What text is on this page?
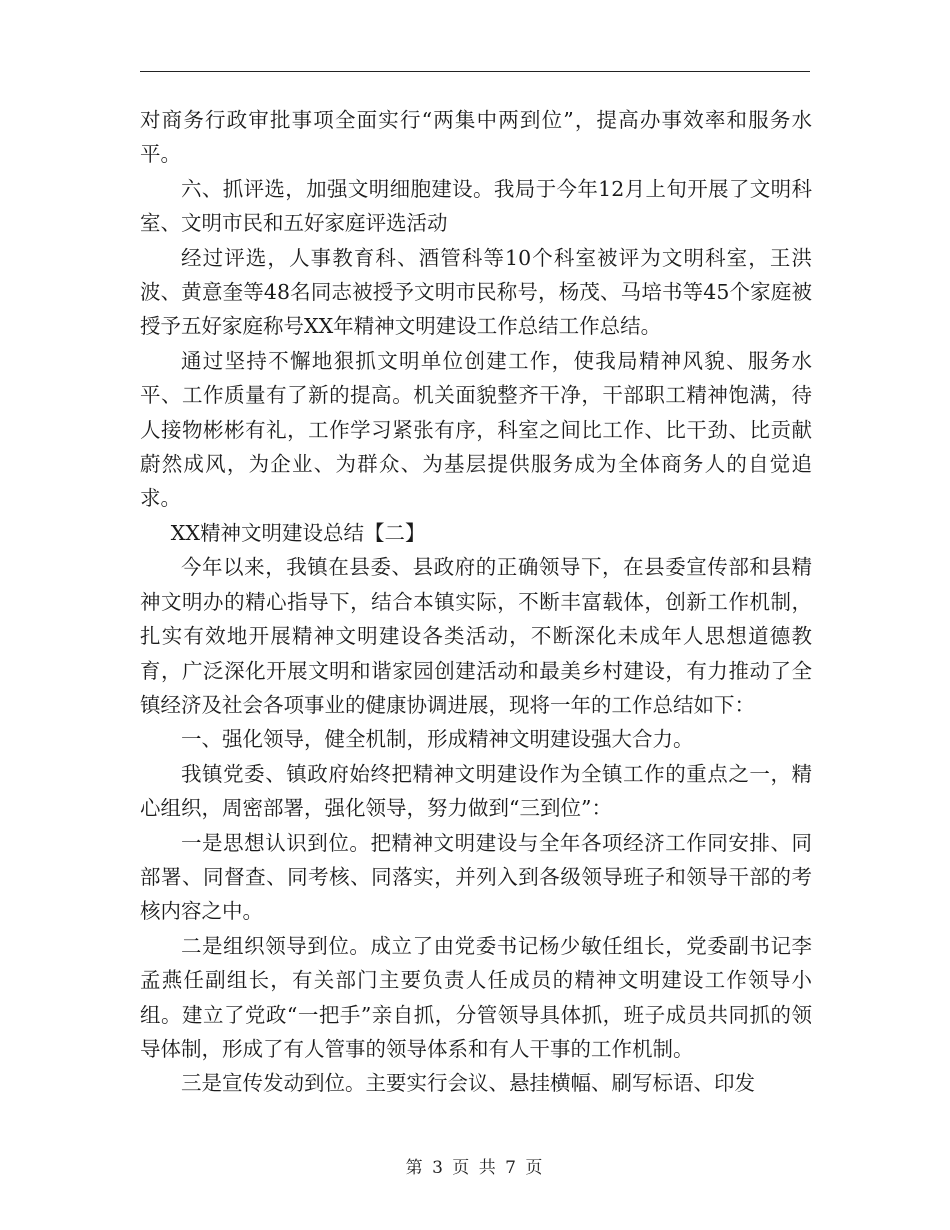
对商务行政审批事项全面实行“两集中两到位”，提高办事效率和服务水平。

六、抓评选，加强文明细胞建设。我局于今年12月上旬开展了文明科室、文明市民和五好家庭评选活动

经过评选，人事教育科、酒管科等10个科室被评为文明科室，王洪波、黄意奎等48名同志被授予文明市民称号，杨茂、马培书等45个家庭被授予五好家庭称号XX年精神文明建设工作总结工作总结。

通过坚持不懈地狠抓文明单位创建工作，使我局精神风貌、服务水平、工作质量有了新的提高。机关面貌整齐干净，干部职工精神饱满，待人接物彬彬有礼，工作学习紧张有序，科室之间比工作、比干劲、比贡献蔚然成风，为企业、为群众、为基层提供服务成为全体商务人的自觉追求。

XX精神文明建设总结【二】

今年以来，我镇在县委、县政府的正确领导下，在县委宣传部和县精神文明办的精心指导下，结合本镇实际，不断丰富载体，创新工作机制，扎实有效地开展精神文明建设各类活动，不断深化未成年人思想道德教育，广泛深化开展文明和谐家园创建活动和最美乡村建设，有力推动了全镇经济及社会各项事业的健康协调进展，现将一年的工作总结如下：

一、强化领导，健全机制，形成精神文明建设强大合力。

我镇党委、镇政府始终把精神文明建设作为全镇工作的重点之一，精心组织，周密部署，强化领导，努力做到“三到位”：

一是思想认识到位。把精神文明建设与全年各项经济工作同安排、同部署、同督查、同考核、同落实，并列入到各级领导班子和领导干部的考核内容之中。

二是组织领导到位。成立了由党委书记杨少敏任组长，党委副书记李孟燕任副组长，有关部门主要负责人任成员的精神文明建设工作领导小组。建立了党政“一把手”亲自抓，分管领导具体抓，班子成员共同抓的领导体制，形成了有人管事的领导体系和有人干事的工作机制。

三是宣传发动到位。主要实行会议、悬挂横幅、刷写标语、印发

第 3 页 共 7 页
